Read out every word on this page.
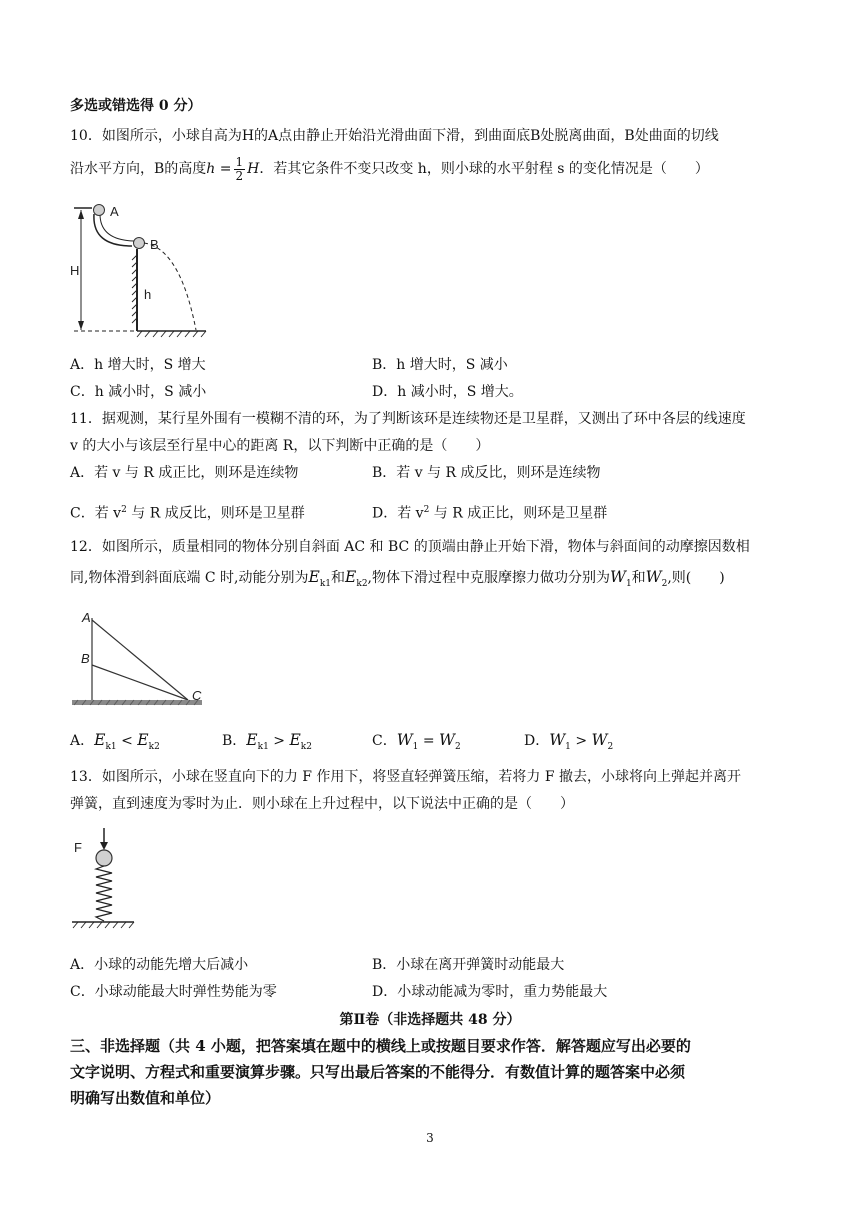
多选或错选得 0 分）
10．如图所示，小球自高为H的A点由静止开始沿光滑曲面下滑，到曲面底B处脱离曲面，B处曲面的切线
沿水平方向，B的高度$h = \frac{1}{2}$ H．若其它条件不变只改变 h，则小球的水平射程 s 的变化情况是（　　）
A
B
H
h
A．h 增大时，S 增大	B．h 增大时，S 减小
C．h 减小时，S 减小	D．h 减小时，S 增大。
11．据观测，某行星外围有一模糊不清的环，为了判断该环是连续物还是卫星群，又测出了环中各层的线速度
v 的大小与该层至行星中心的距离 R，以下判断中正确的是（　　）
A．若 v 与 R 成正比，则环是连续物	B．若 v 与 R 成反比，则环是连续物
C．若 $v^2$ 与 R 成反比，则环是卫星群	D．若 $v^2$ 与 R 成正比，则环是卫星群
12．如图所示，质量相同的物体分别自斜面 AC 和 BC 的顶端由静止开始下滑，物体与斜面间的动摩擦因数相
同,物体滑到斜面底端 C 时,动能分别为$E_{k1}$和$E_{k2}$,物体下滑过程中克服摩擦力做功分别为$W_1$和$W_2$,则(　　)
A
B
C
A．$E_{k1} < E_{k2}$	B．$E_{k1} > E_{k2}$	C．$W_1 = W_2$	D．$W_1 > W_2$
13．如图所示，小球在竖直向下的力 F 作用下，将竖直轻弹簧压缩，若将力 F 撤去，小球将向上弹起并离开
弹簧，直到速度为零时为止．则小球在上升过程中，以下说法中正确的是（　　）
F
A．小球的动能先增大后减小	B．小球在离开弹簧时动能最大
C．小球动能最大时弹性势能为零	D．小球动能减为零时，重力势能最大
第Ⅱ卷（非选择题共 48 分）
三、非选择题（共 4 小题，把答案填在题中的横线上或按题目要求作答．解答题应写出必要的
文字说明、方程式和重要演算步骤。只写出最后答案的不能得分．有数值计算的题答案中必须
明确写出数值和单位）
3
